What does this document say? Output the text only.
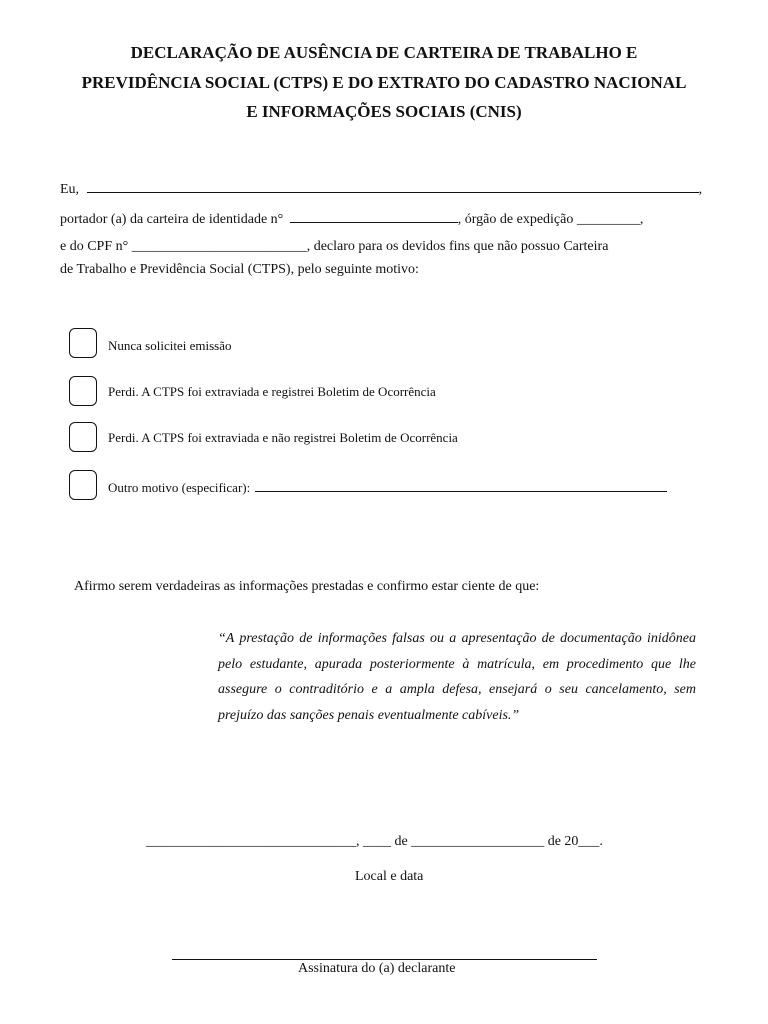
DECLARAÇÃO DE AUSÊNCIA DE CARTEIRA DE TRABALHO E
PREVIDÊNCIA SOCIAL (CTPS) E DO EXTRATO DO CADASTRO NACIONAL
E INFORMAÇÕES SOCIAIS (CNIS)
Eu,	,
portador (a) da carteira de identidade n°	, órgão de expedição _________,
e do CPF n° _________________________, declaro para os devidos fins que não possuo Carteira
de Trabalho e Previdência Social (CTPS), pelo seguinte motivo:
Nunca solicitei emissão
Perdi. A CTPS foi extraviada e registrei Boletim de Ocorrência
Perdi. A CTPS foi extraviada e não registrei Boletim de Ocorrência
Outro motivo (especificar):
Afirmo serem verdadeiras as informações prestadas e confirmo estar ciente de que:
“A prestação de informações falsas ou a apresentação de documentação inidônea pelo estudante, apurada posteriormente à matrícula, em procedimento que lhe assegure o contraditório e a ampla defesa, ensejará o seu cancelamento, sem prejuízo das sanções penais eventualmente cabíveis.”
______________________________, ____ de ___________________ de 20___.
Local e data
Assinatura do (a) declarante
